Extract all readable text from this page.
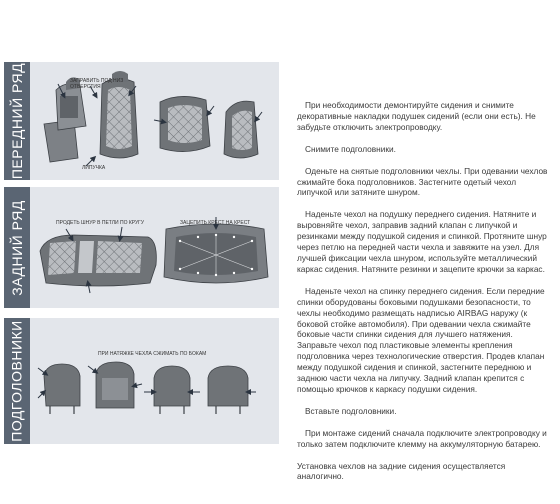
ПЕРЕДНИЙ РЯД	ЗАПРАВИТЬ ПОД НИЗ
ОТВЕРСТИЯ
ЛИПУЧКА
ЗАДНИЙ РЯД	ПРОДЕТЬ ШНУР В ПЕТЛИ ПО КРУГУ	ЗАЦЕПИТЬ КРЕСТ НА КРЕСТ
ПОДГОЛОВНИКИ	ПРИ НАТЯЖКЕ ЧЕХЛА СЖИМАТЬ ПО БОКАМ

При необходимости демонтируйте сидения и снимите декоративные накладки подушек сидений (если они есть). Не забудьте отключить электропроводку.

Снимите подголовники.

Оденьте на снятые подголовники чехлы. При одевании чехлов сжимайте бока подголовников. Застегните одетый чехол липучкой или затяните шнуром.

Наденьте чехол на подушку переднего сидения. Натяните и выровняйте чехол, заправив задний клапан с липучкой и резинками между подушкой сидения и спинкой. Протяните шнур через петлю на передней части чехла и завяжите на узел. Для лучшей фиксации чехла шнуром, используйте металлический каркас сидения. Натяните резинки и зацепите крючки за каркас.

Наденьте чехол на спинку переднего сидения. Если передние спинки оборудованы боковыми подушками безопасности, то чехлы необходимо размещать надписью AIRBAG наружу (к боковой стойке автомобиля). При одевании чехла сжимайте боковые части спинки сидения для лучшего натяжения. Заправьте чехол под пластиковые элементы крепления подголовника через технологические отверстия. Продев клапан между подушкой сидения и спинкой, застегните переднюю и заднюю части чехла на липучку. Задний клапан крепится с помощью крючков к каркасу подушки сидения.

Вставьте подголовники.

При монтаже сидений сначала подключите электропроводку и только затем подключите клемму на аккумуляторную батарею.

Установка чехлов на задние сидения осуществляется аналогично.
